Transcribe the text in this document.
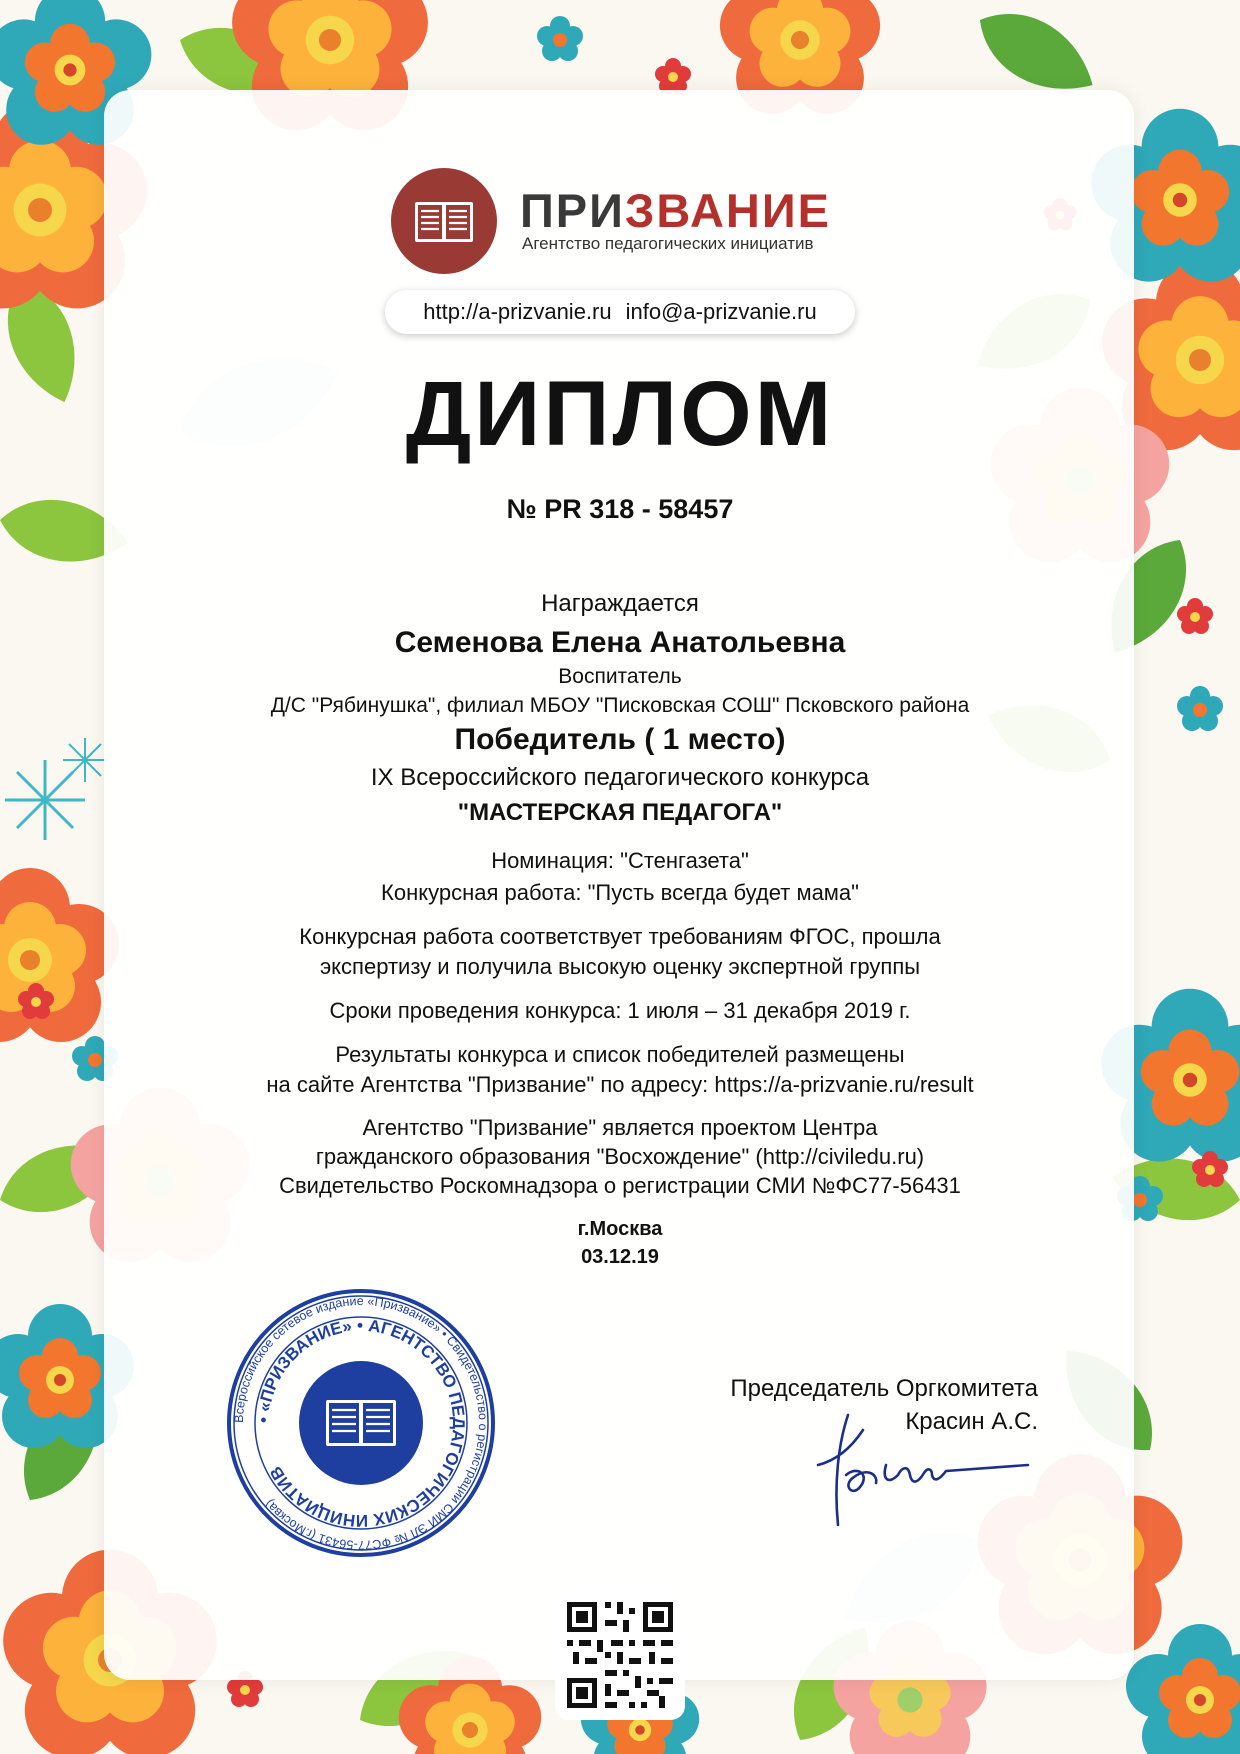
ПРИЗВАНИЕ
Агентство педагогических инициатив
http://a-prizvanie.ru info@a-prizvanie.ru
ДИПЛОМ
№ PR 318 - 58457
Награждается
Семенова Елена Анатольевна
Воспитатель
Д/С "Рябинушка", филиал МБОУ "Писковская СОШ" Псковского района
Победитель ( 1 место)
IX Всероссийского педагогического конкурса
"МАСТЕРСКАЯ ПЕДАГОГА"
Номинация: "Стенгазета"
Конкурсная работа: "Пусть всегда будет мама"
Конкурсная работа соответствует требованиям ФГОС, прошла
экспертизу и получила высокую оценку экспертной группы
Сроки проведения конкурса: 1 июля – 31 декабря 2019 г.
Результаты конкурса и список победителей размещены
на сайте Агентства "Призвание" по адресу: https://a-prizvanie.ru/result
Агентство "Призвание" является проектом Центра
гражданского образования "Восхождение" (http://civiledu.ru)
Свидетельство Роскомнадзора о регистрации СМИ №ФС77-56431
г.Москва
03.12.19
Всероссийское сетевое издание «Призвание» • Свидетельство о регистрации СМИ ЭЛ № ФС77-56431 (г.Москва)
• «ПРИЗВАНИЕ» • АГЕНТСТВО ПЕДАГОГИЧЕСКИХ ИНИЦИАТИВ
Председатель Оргкомитета
Красин А.С.
